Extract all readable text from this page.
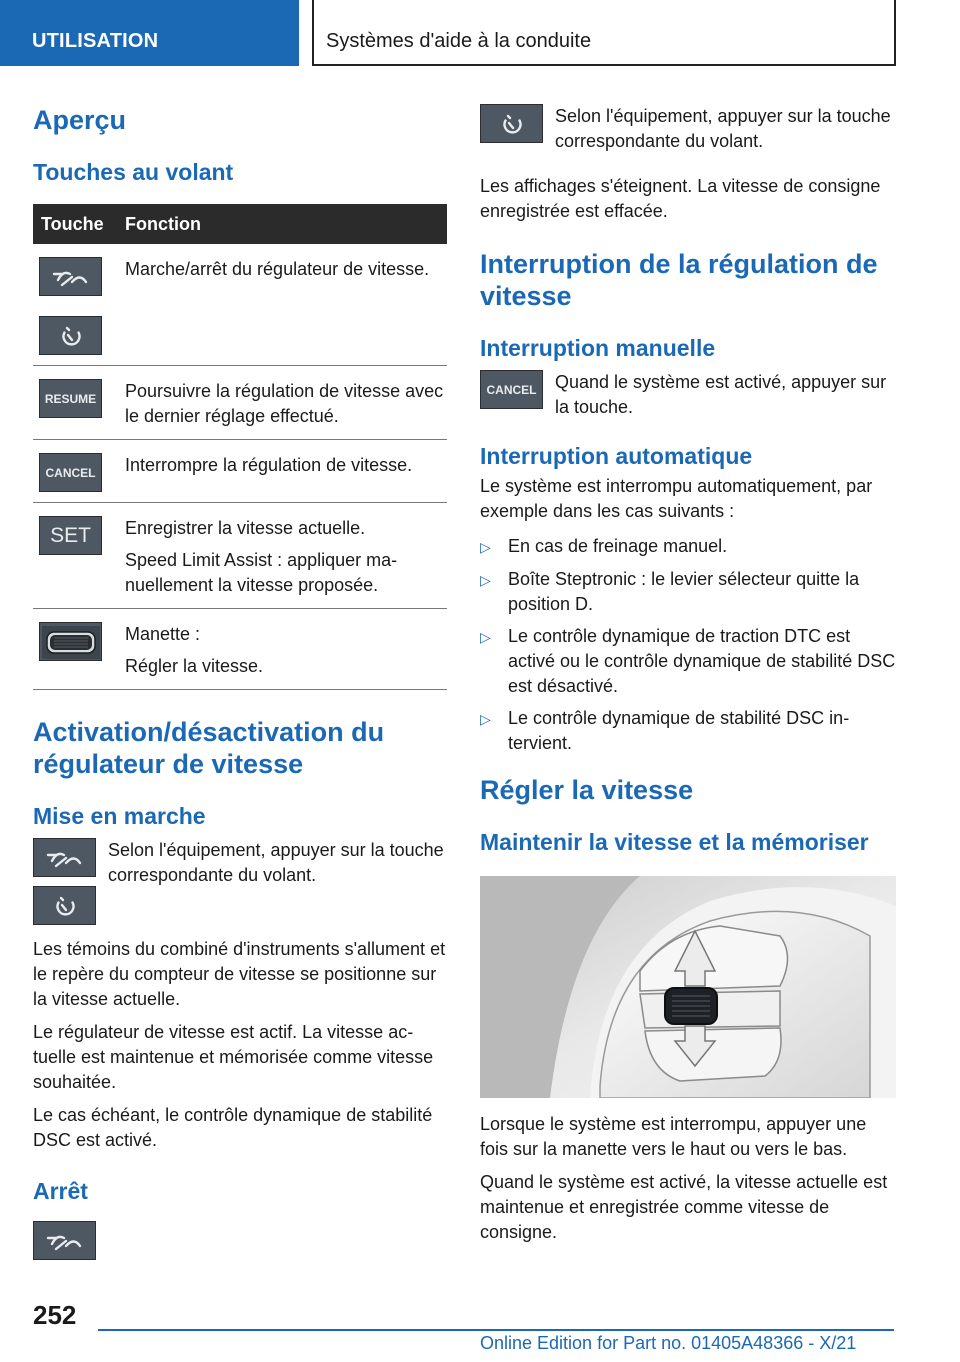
UTILISATION	Systèmes d'aide à la conduite
Aperçu
Touches au volant
Touche	Fonction

Marche/arrêt du régulateur de vitesse.

RESUME	Poursuivre la régulation de vitesse avec le dernier réglage effectué.

CANCEL	Interrompre la régulation de vitesse.

SET	Enregistrer la vitesse actuelle.

Speed Limit Assist : appliquer manuellement la vitesse proposée.

Manette :

Régler la vitesse.

Activation/désactivation du régulateur de vitesse
Mise en marche
Selon l'équipement, appuyer sur la touche correspondante du volant.

Les témoins du combiné d'instruments s'allument et le repère du compteur de vitesse se positionne sur la vitesse actuelle.

Le régulateur de vitesse est actif. La vitesse actuelle est maintenue et mémorisée comme vitesse souhaitée.

Le cas échéant, le contrôle dynamique de stabilité DSC est activé.

Arrêt
Selon l'équipement, appuyer sur la touche correspondante du volant.

Les affichages s'éteignent. La vitesse de consigne enregistrée est effacée.

Interruption de la régulation de vitesse
Interruption manuelle
CANCEL	Quand le système est activé, appuyer sur la touche.
Interruption automatique

Le système est interrompu automatiquement, par exemple dans les cas suivants :

▷ En cas de freinage manuel.
▷ Boîte Steptronic : le levier sélecteur quitte la position D.
▷ Le contrôle dynamique de traction DTC est activé ou le contrôle dynamique de stabilité DSC est désactivé.
▷ Le contrôle dynamique de stabilité DSC intervient.
Régler la vitesse
Maintenir la vitesse et la mémoriser

Lorsque le système est interrompu, appuyer une fois sur la manette vers le haut ou vers le bas.

Quand le système est activé, la vitesse actuelle est maintenue et enregistrée comme vitesse de consigne.

252
Online Edition for Part no. 01405A48366 - X/21
